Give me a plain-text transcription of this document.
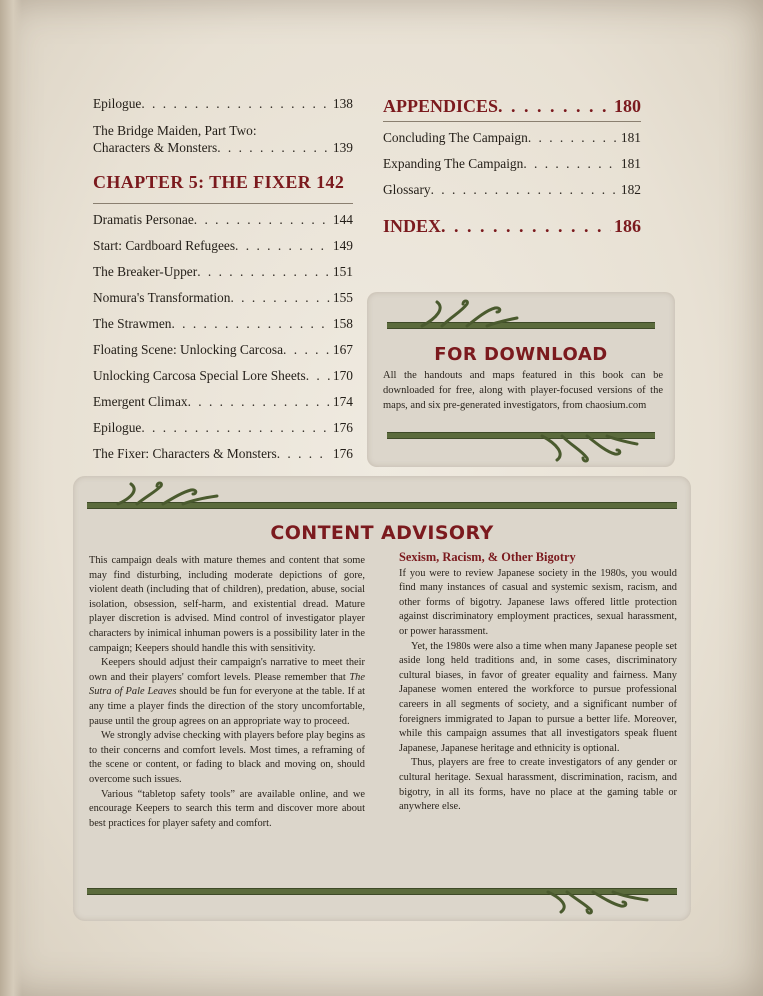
Epilogue . . .	138
The Bridge Maiden, Part Two:
Characters & Monsters . . .	139
CHAPTER 5: THE FIXER 142
Dramatis Personae . . .	144
Start: Cardboard Refugees . . .	149
The Breaker-Upper . . .	151
Nomura's Transformation . . .	155
The Strawmen . . .	158
Floating Scene: Unlocking Carcosa . . .	167
Unlocking Carcosa Special Lore Sheets . . . 170
Emergent Climax . . .	174
Epilogue . . .	176
The Fixer: Characters & Monsters . . .	176
APPENDICES . . .	180
Concluding The Campaign . . .	181
Expanding The Campaign . . .	181
Glossary . . .	182
INDEX . . .	186
FOR DOWNLOAD
All the handouts and maps featured in this book can be downloaded for free, along with player-focused versions of the maps, and six pre-generated investigators, from chaosium.com
CONTENT ADVISORY

This campaign deals with mature themes and content that some may find disturbing, including moderate depictions of gore, violent death (including that of children), predation, abuse, social isolation, obsession, self-harm, and existential dread. Mature player discretion is advised. Mind control of investigator player characters by inimical inhuman powers is a possibility later in the campaign; Keepers should handle this with sensitivity.

Keepers should adjust their campaign's narrative to meet their own and their players' comfort levels. Please remember that The Sutra of Pale Leaves should be fun for everyone at the table. If at any time a player finds the direction of the story uncomfortable, pause until the group agrees on an appropriate way to proceed.

We strongly advise checking with players before play begins as to their concerns and comfort levels. Most times, a reframing of the scene or content, or fading to black and moving on, should overcome such issues.

Various “tabletop safety tools” are available online, and we encourage Keepers to search this term and discover more about best practices for player safety and comfort.

Sexism, Racism, & Other Bigotry

If you were to review Japanese society in the 1980s, you would find many instances of casual and systemic sexism, racism, and other forms of bigotry. Japanese laws offered little protection against discriminatory employment practices, sexual harassment, or power harassment.

Yet, the 1980s were also a time when many Japanese people set aside long held traditions and, in some cases, discriminatory cultural biases, in favor of greater equality and fairness. Many Japanese women entered the workforce to pursue professional careers in all segments of society, and a significant number of foreigners immigrated to Japan to pursue a better life. Moreover, while this campaign assumes that all investigators speak fluent Japanese, Japanese heritage and ethnicity is optional.

Thus, players are free to create investigators of any gender or cultural heritage. Sexual harassment, discrimination, racism, and bigotry, in all its forms, have no place at the gaming table or anywhere else.
